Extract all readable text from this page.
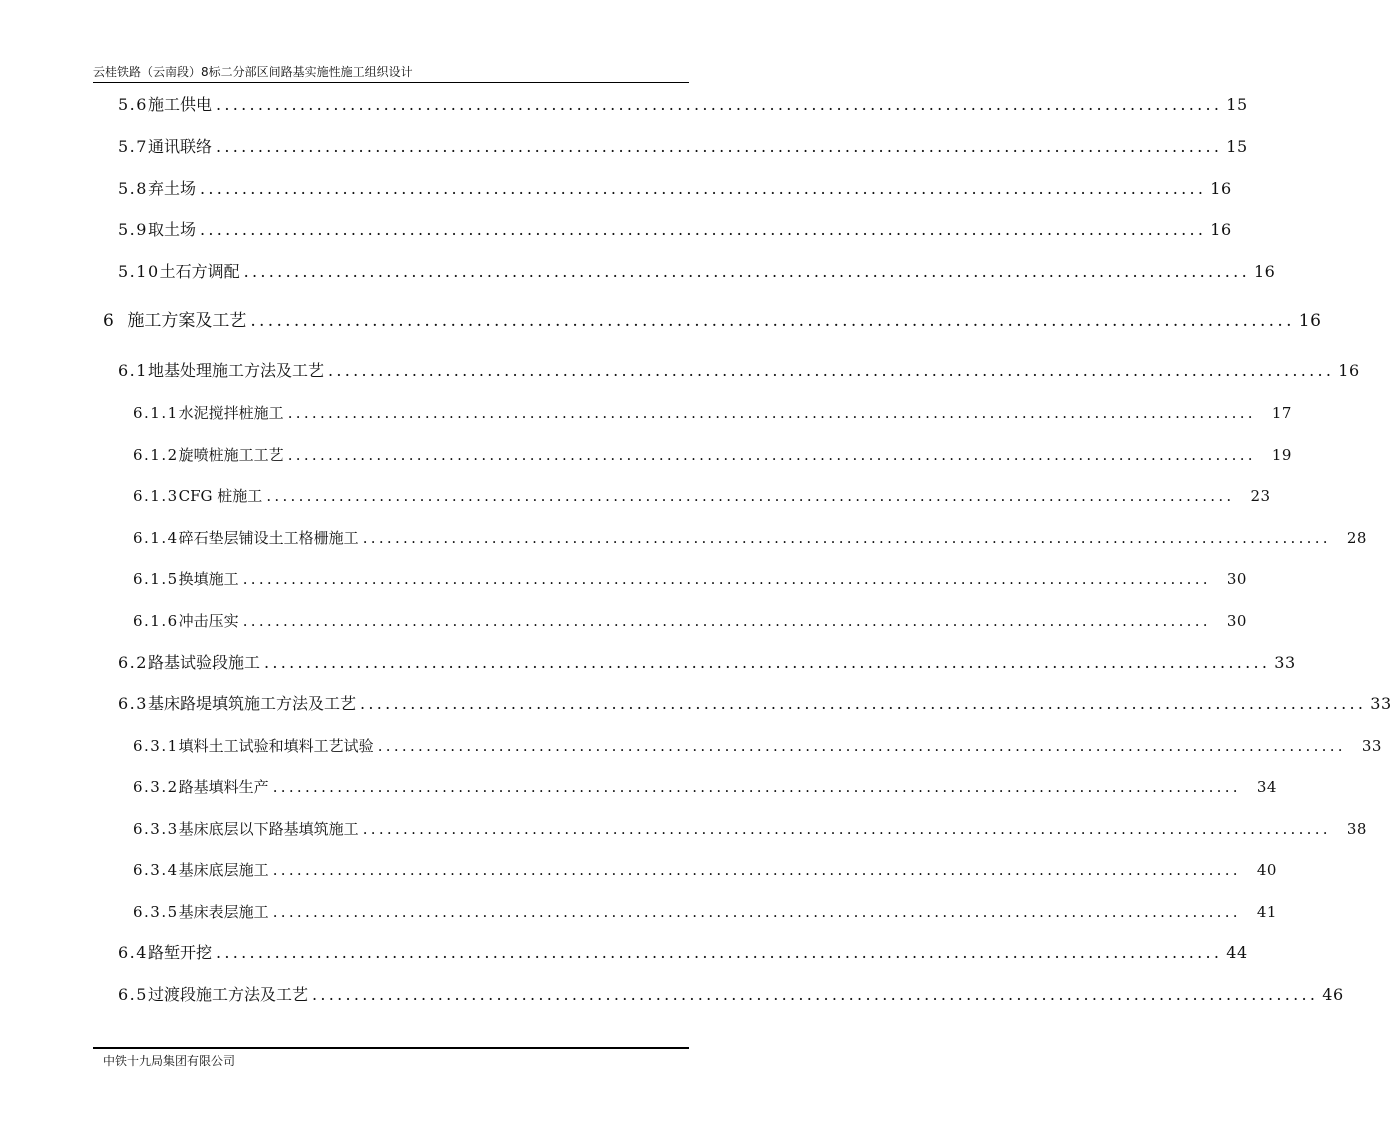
云桂铁路（云南段）8标二分部区间路基实施性施工组织设计
5.6 施工供电 ........................................................................................................................ 15
5.7 通讯联络 ........................................................................................................................ 15
5.8 弃土场 ........................................................................................................................ 16
5.9 取土场 ........................................................................................................................ 16
5.10 土石方调配 ........................................................................................................................ 16
6 施工方案及工艺 ........................................................................................................................ 16
6.1 地基处理施工方法及工艺 ........................................................................................................................ 16
6.1.1 水泥搅拌桩施工 ........................................................................................................................ 17
6.1.2 旋喷桩施工工艺 ........................................................................................................................ 19
6.1.3 CFG 桩施工 ........................................................................................................................ 23
6.1.4 碎石垫层铺设土工格栅施工 ........................................................................................................................ 28
6.1.5 换填施工 ........................................................................................................................ 30
6.1.6 冲击压实 ........................................................................................................................ 30
6.2 路基试验段施工 ........................................................................................................................ 33
6.3 基床路堤填筑施工方法及工艺 ........................................................................................................................ 33
6.3.1 填料土工试验和填料工艺试验 ........................................................................................................................ 33
6.3.2 路基填料生产 ........................................................................................................................ 34
6.3.3 基床底层以下路基填筑施工 ........................................................................................................................ 38
6.3.4 基床底层施工 ........................................................................................................................ 40
6.3.5 基床表层施工 ........................................................................................................................ 41
6.4 路堑开挖 ........................................................................................................................ 44
6.5 过渡段施工方法及工艺 ........................................................................................................................ 46
中铁十九局集团有限公司
